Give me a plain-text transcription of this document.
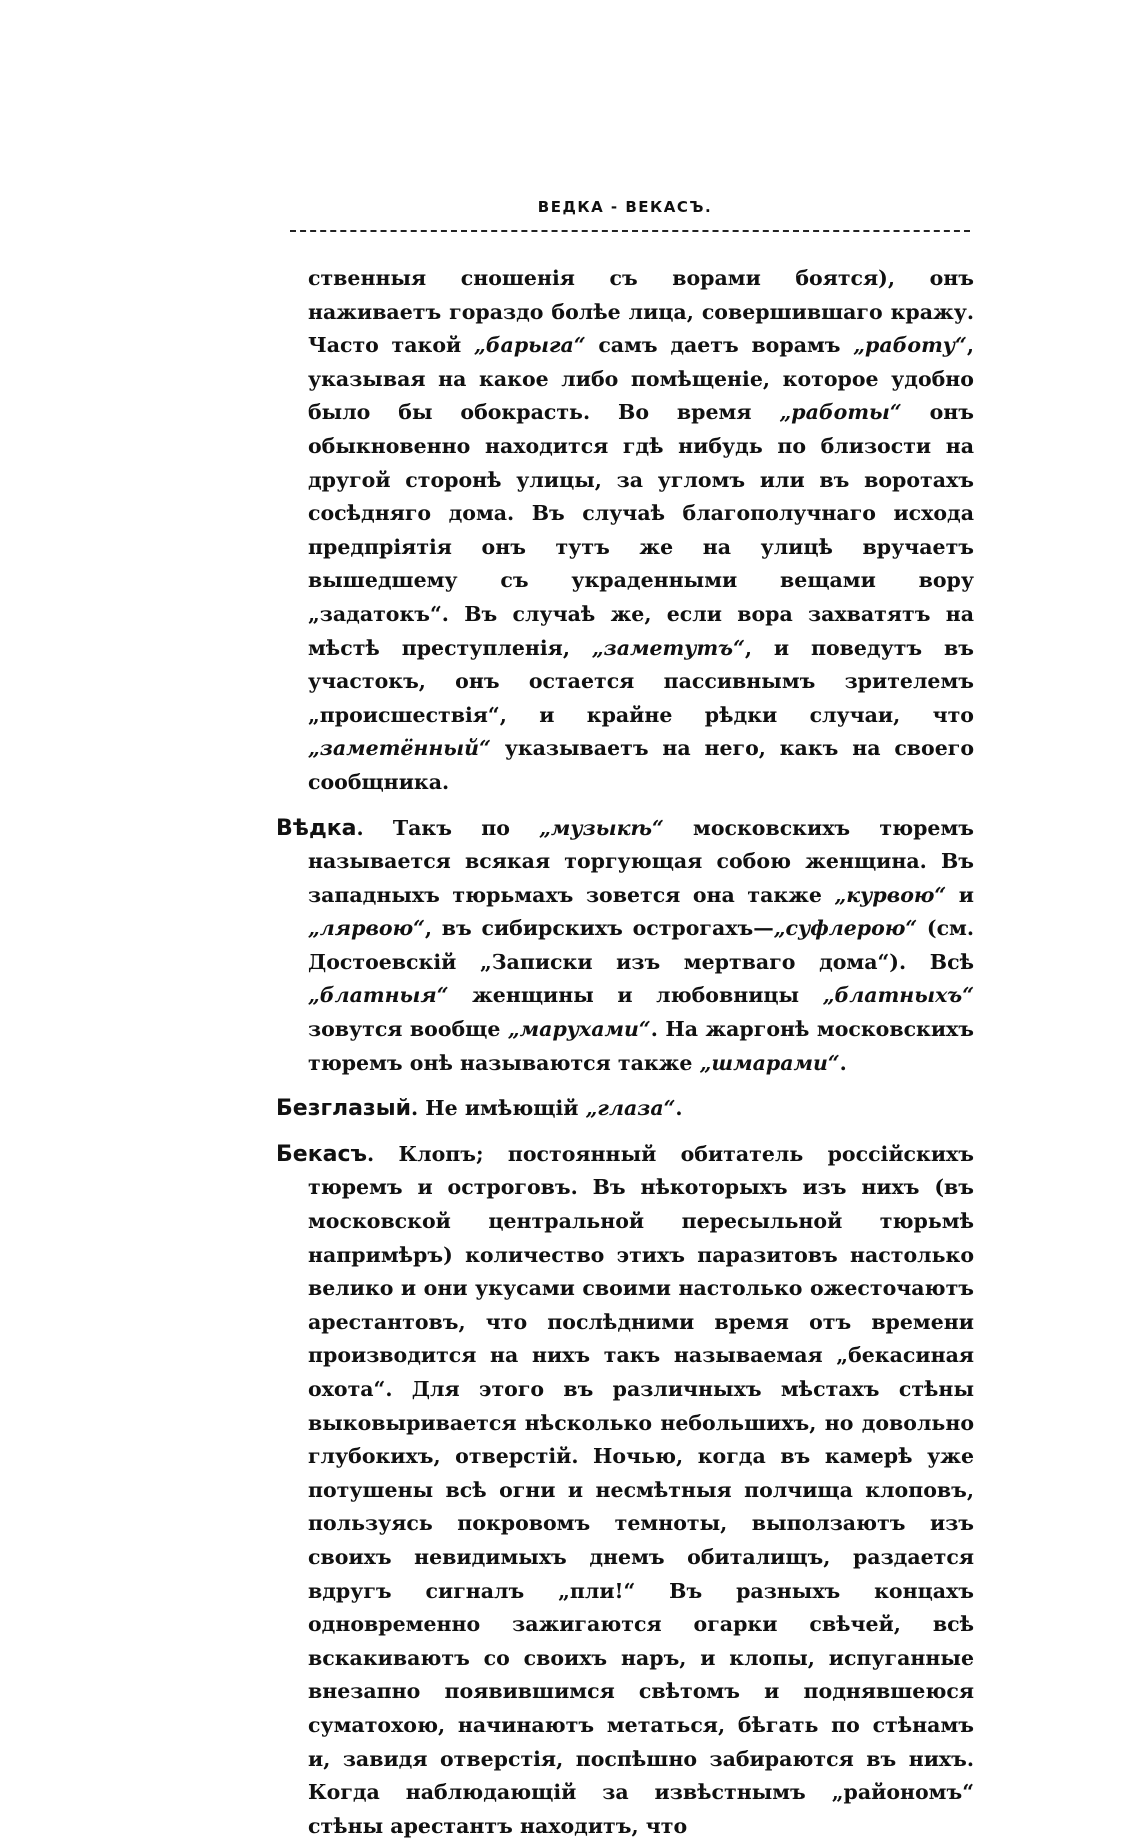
ВЕДКА - ВЕКАСЪ.

ственныя сношенія съ ворами боятся), онъ наживаетъ гораздо болѣе лица, совершившаго кражу. Часто такой „барыга“ самъ даетъ ворамъ „работу“, указывая на какое либо помѣщеніе, которое удобно было бы обокрасть. Во время „работы“ онъ обыкновенно находится гдѣ нибудь по близости на другой сторонѣ улицы, за угломъ или въ воротахъ сосѣдняго дома. Въ случаѣ благополучнаго исхода предпріятія онъ тутъ же на улицѣ вручаетъ вышедшему съ украденными вещами вору „задатокъ“. Въ случаѣ же, если вора захватятъ на мѣстѣ преступленія, „заметутъ“, и поведутъ въ участокъ, онъ остается пассивнымъ зрителемъ „происшествія“, и крайне рѣдки случаи, что „заметённый“ указываетъ на него, какъ на своего сообщника.

Вѣдка. Такъ по „музыкѣ“ московскихъ тюремъ называется всякая торгующая собою женщина. Въ западныхъ тюрьмахъ зовется она также „курвою“ и „лярвою“, въ сибирскихъ острогахъ—„суфлерою“ (см. Достоевскій „Записки изъ мертваго дома“). Всѣ „блатныя“ женщины и любовницы „блатныхъ“ зовутся вообще „марухами“. На жаргонѣ московскихъ тюремъ онѣ называются также „шмарами“.

Безглазый. Не имѣющій „глаза“.

Бекасъ. Клопъ; постоянный обитатель россійскихъ тюремъ и остроговъ. Въ нѣкоторыхъ изъ нихъ (въ московской центральной пересыльной тюрьмѣ напримѣръ) количество этихъ паразитовъ настолько велико и они укусами своими настолько ожесточаютъ арестантовъ, что послѣдними время отъ времени производится на нихъ такъ называемая „бекасиная охота“. Для этого въ различныхъ мѣстахъ стѣны выковыривается нѣсколько небольшихъ, но довольно глубокихъ, отверстій. Ночью, когда въ камерѣ уже потушены всѣ огни и несмѣтныя полчища клоповъ, пользуясь покровомъ темноты, выползаютъ изъ своихъ невидимыхъ днемъ обиталищъ, раздается вдругъ сигналъ „пли!“ Въ разныхъ концахъ одновременно зажигаются огарки свѣчей, всѣ вскакиваютъ со своихъ наръ, и клопы, испуганные внезапно появившимся свѣтомъ и поднявшеюся суматохою, начинаютъ метаться, бѣгать по стѣнамъ и, завидя отверстія, поспѣшно забираются въ нихъ. Когда наблюдающій за извѣстнымъ „райономъ“ стѣны арестантъ находитъ, что
